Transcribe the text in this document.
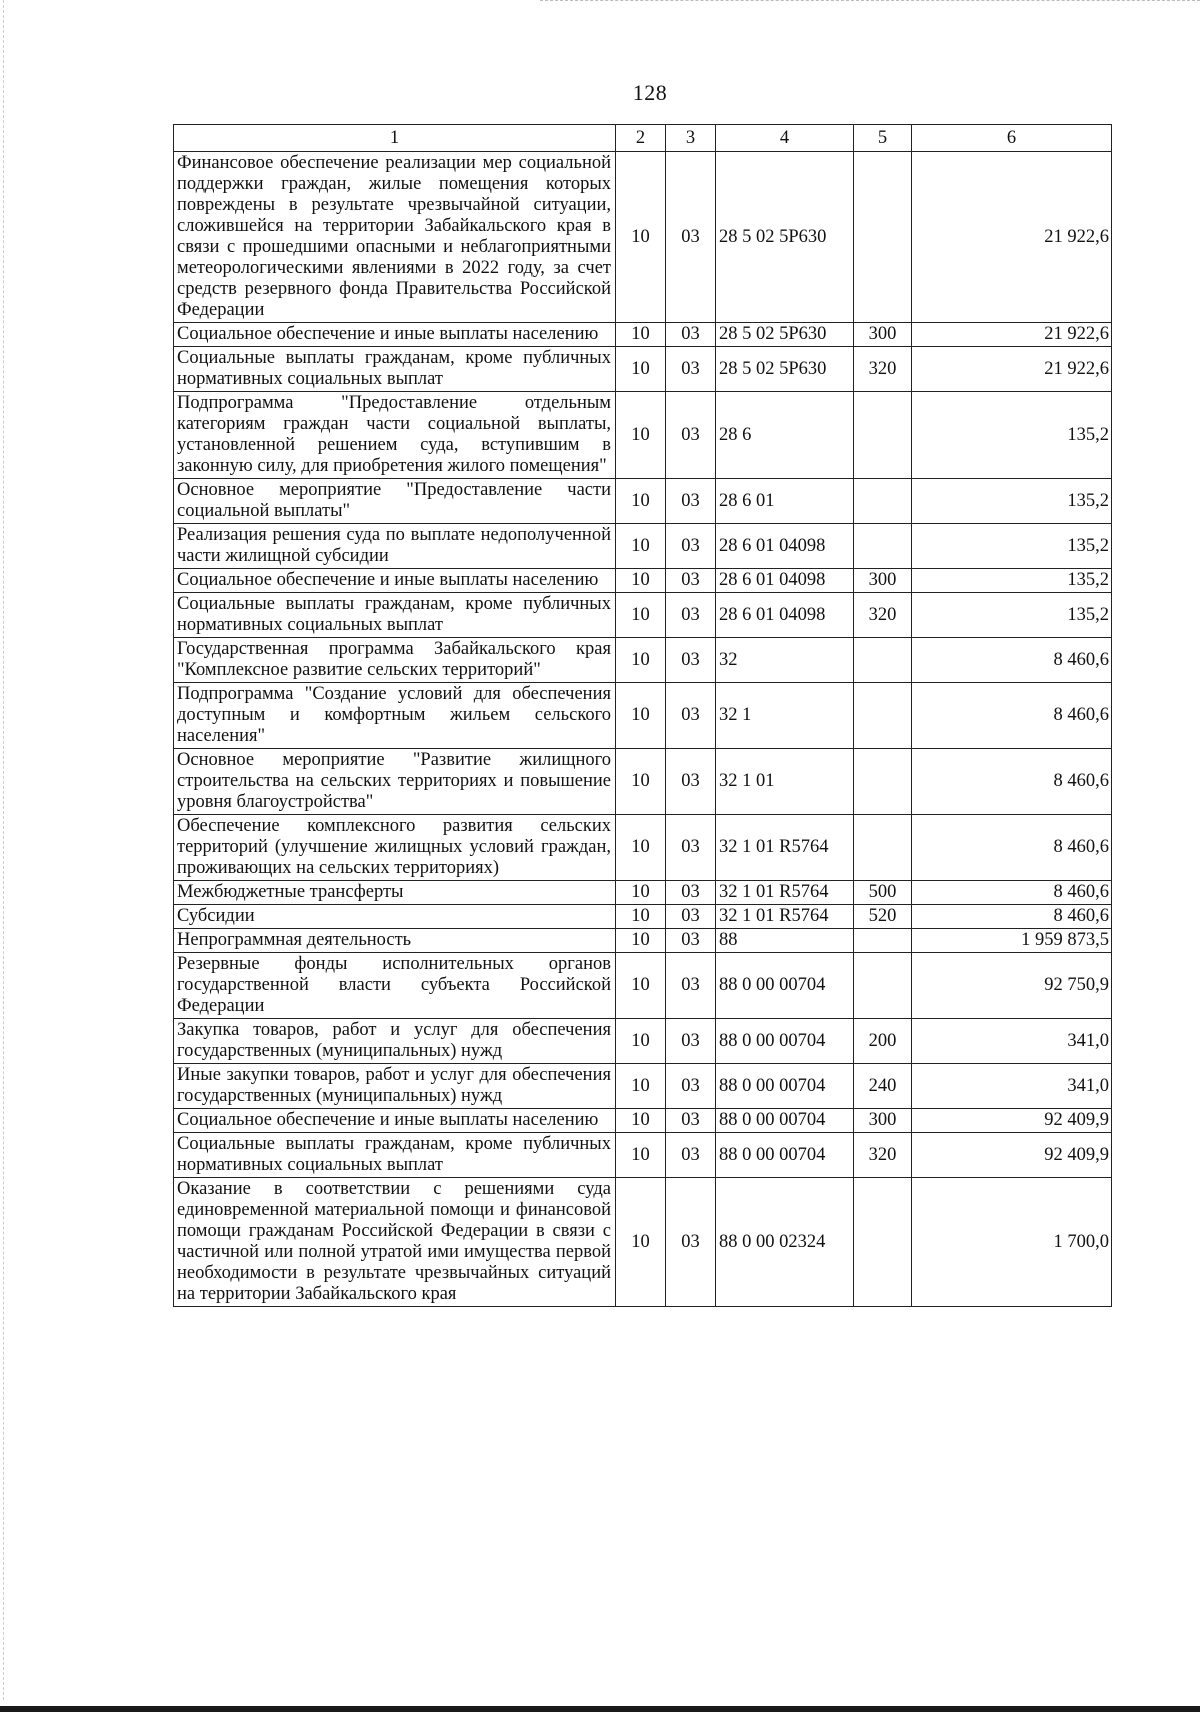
128
1	2	3	4	5	6
Финансовое обеспечение реализации мер социальной поддержки граждан, жилые помещения которых повреждены в результате чрезвычайной ситуации, сложившейся на территории Забайкальского края в связи с прошедшими опасными и неблагоприятными метеорологическими явлениями в 2022 году, за счет средств резервного фонда Правительства Российской Федерации	10	03	28 5 02 5P630		21 922,6
Социальное обеспечение и иные выплаты населению	10	03	28 5 02 5P630	300	21 922,6
Социальные выплаты гражданам, кроме публичных нормативных социальных выплат	10	03	28 5 02 5P630	320	21 922,6
Подпрограмма "Предоставление отдельным категориям граждан части социальной выплаты, установленной решением суда, вступившим в законную силу, для приобретения жилого помещения"	10	03	28 6		135,2
Основное мероприятие "Предоставление части социальной выплаты"	10	03	28 6 01		135,2
Реализация решения суда по выплате недополученной части жилищной субсидии	10	03	28 6 01 04098		135,2
Социальное обеспечение и иные выплаты населению	10	03	28 6 01 04098	300	135,2
Социальные выплаты гражданам, кроме публичных нормативных социальных выплат	10	03	28 6 01 04098	320	135,2
Государственная программа Забайкальского края "Комплексное развитие сельских территорий"	10	03	32		8 460,6
Подпрограмма "Создание условий для обеспечения доступным и комфортным жильем сельского населения"	10	03	32 1		8 460,6
Основное мероприятие "Развитие жилищного строительства на сельских территориях и повышение уровня благоустройства"	10	03	32 1 01		8 460,6
Обеспечение комплексного развития сельских территорий (улучшение жилищных условий граждан, проживающих на сельских территориях)	10	03	32 1 01 R5764		8 460,6
Межбюджетные трансферты	10	03	32 1 01 R5764	500	8 460,6
Субсидии	10	03	32 1 01 R5764	520	8 460,6
Непрограммная деятельность	10	03	88		1 959 873,5
Резервные фонды исполнительных органов государственной власти субъекта Российской Федерации	10	03	88 0 00 00704		92 750,9
Закупка товаров, работ и услуг для обеспечения государственных (муниципальных) нужд	10	03	88 0 00 00704	200	341,0
Иные закупки товаров, работ и услуг для обеспечения государственных (муниципальных) нужд	10	03	88 0 00 00704	240	341,0
Социальное обеспечение и иные выплаты населению	10	03	88 0 00 00704	300	92 409,9
Социальные выплаты гражданам, кроме публичных нормативных социальных выплат	10	03	88 0 00 00704	320	92 409,9
Оказание в соответствии с решениями суда единовременной материальной помощи и финансовой помощи гражданам Российской Федерации в связи с частичной или полной утратой ими имущества первой необходимости в результате чрезвычайных ситуаций на территории Забайкальского края	10	03	88 0 00 02324		1 700,0
